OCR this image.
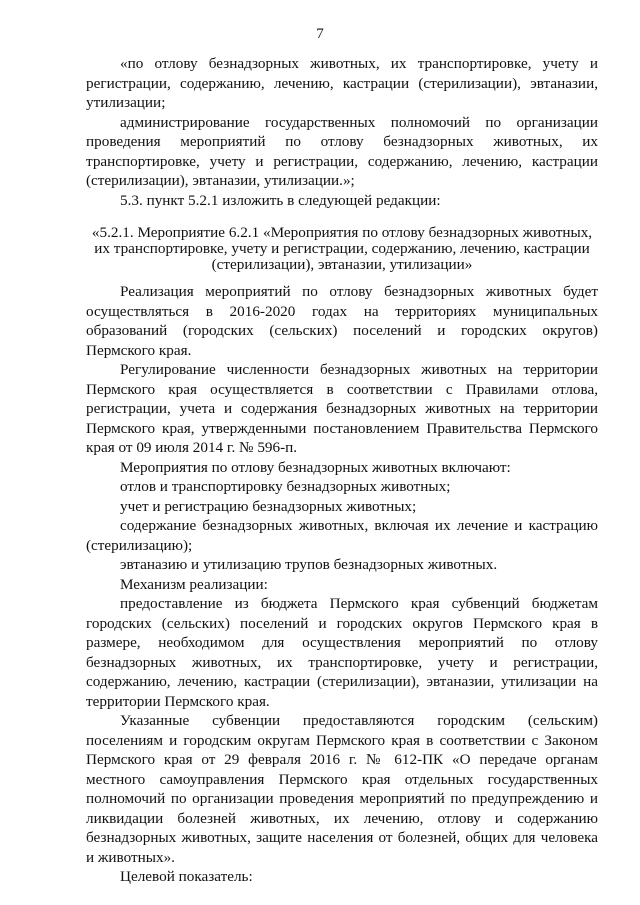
7

«по отлову безнадзорных животных, их транспортировке, учету и регистрации, содержанию, лечению, кастрации (стерилизации), эвтаназии, утилизации;

администрирование государственных полномочий по организации проведения мероприятий по отлову безнадзорных животных, их транспортировке, учету и регистрации, содержанию, лечению, кастрации (стерилизации), эвтаназии, утилизации.»;

5.3. пункт 5.2.1 изложить в следующей редакции:

«5.2.1. Мероприятие 6.2.1 «Мероприятия по отлову безнадзорных животных, их транспортировке, учету и регистрации, содержанию, лечению, кастрации (стерилизации), эвтаназии, утилизации»

Реализация мероприятий по отлову безнадзорных животных будет осуществляться в 2016-2020 годах на территориях муниципальных образований (городских (сельских) поселений и городских округов) Пермского края.

Регулирование численности безнадзорных животных на территории Пермского края осуществляется в соответствии с Правилами отлова, регистрации, учета и содержания безнадзорных животных на территории Пермского края, утвержденными постановлением Правительства Пермского края от 09 июля 2014 г. № 596-п.

Мероприятия по отлову безнадзорных животных включают:

отлов и транспортировку безнадзорных животных;

учет и регистрацию безнадзорных животных;

содержание безнадзорных животных, включая их лечение и кастрацию (стерилизацию);

эвтаназию и утилизацию трупов безнадзорных животных.

Механизм реализации:

предоставление из бюджета Пермского края субвенций бюджетам городских (сельских) поселений и городских округов Пермского края в размере, необходимом для осуществления мероприятий по отлову безнадзорных животных, их транспортировке, учету и регистрации, содержанию, лечению, кастрации (стерилизации), эвтаназии, утилизации на территории Пермского края.

Указанные субвенции предоставляются городским (сельским) поселениям и городским округам Пермского края в соответствии с Законом Пермского края от 29 февраля 2016 г. № 612-ПК «О передаче органам местного самоуправления Пермского края отдельных государственных полномочий по организации проведения мероприятий по предупреждению и ликвидации болезней животных, их лечению, отлову и содержанию безнадзорных животных, защите населения от болезней, общих для человека и животных».

Целевой показатель:
